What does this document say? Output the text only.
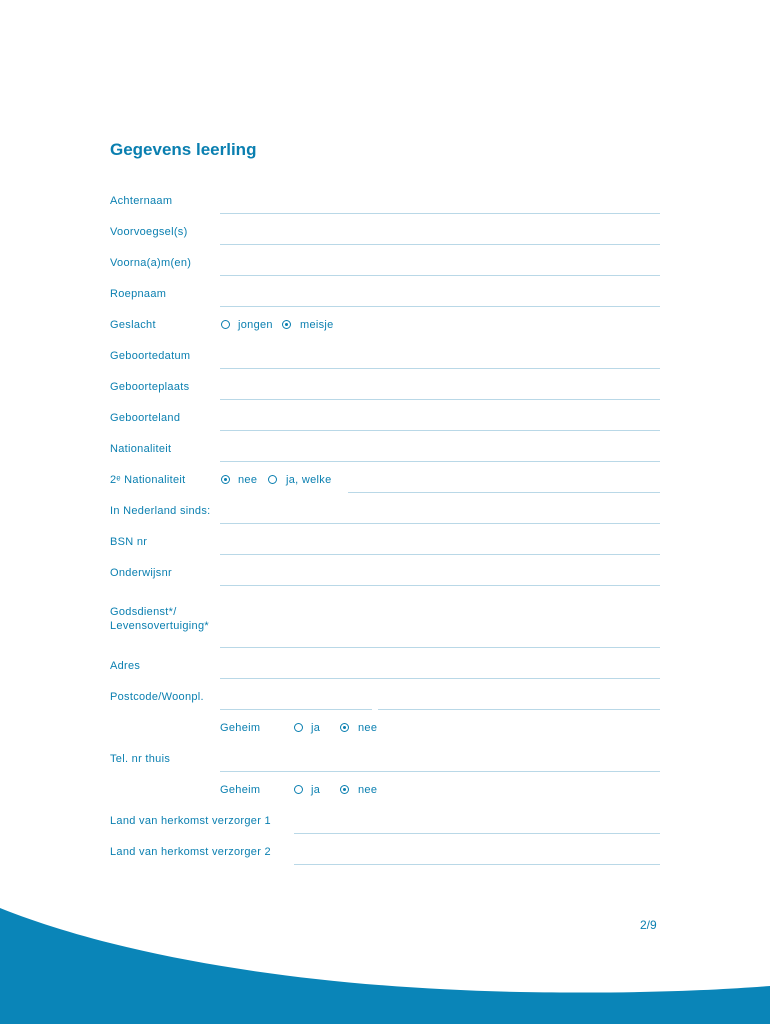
Gegevens leerling
Achternaam
Voorvoegsel(s)
Voorna(a)m(en)
Roepnaam
Geslacht	jongen meisje
Geboortedatum
Geboorteplaats
Geboorteland
Nationaliteit
2ᵉ Nationaliteit	nee	ja, welke
In Nederland sinds:
BSN nr
Onderwijsnr
Godsdienst*/
Levensovertuiging*
Adres
Postcode/Woonpl.
Geheim	ja	nee
Tel. nr thuis
Geheim	ja	nee
Land van herkomst verzorger 1
Land van herkomst verzorger 2
2/9
